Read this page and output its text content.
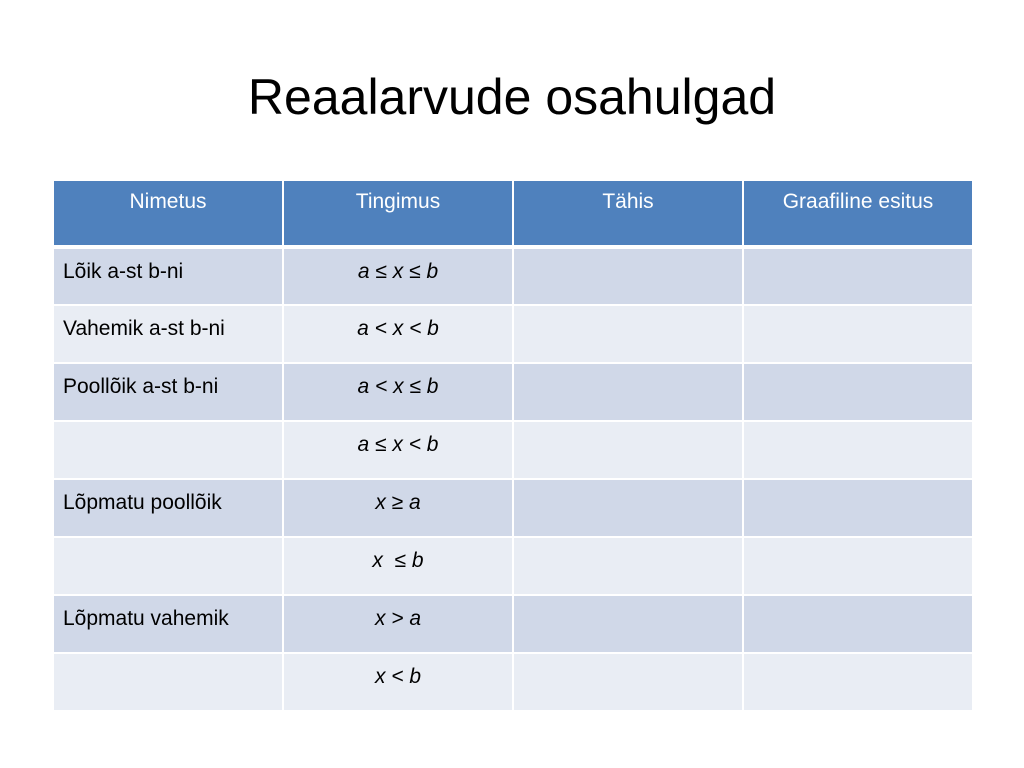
Reaalarvude osahulgad
Nimetus	Tingimus	Tähis	Graafiline esitus

Lõik a-st b-ni	a ≤ x ≤ b		
Vahemik a-st b-ni	a < x < b		
Poollõik a-st b-ni	a < x ≤ b		
	a ≤ x < b		
Lõpmatu poollõik	x ≥ a		
	x  ≤ b		
Lõpmatu vahemik	x > a		
	x < b		
